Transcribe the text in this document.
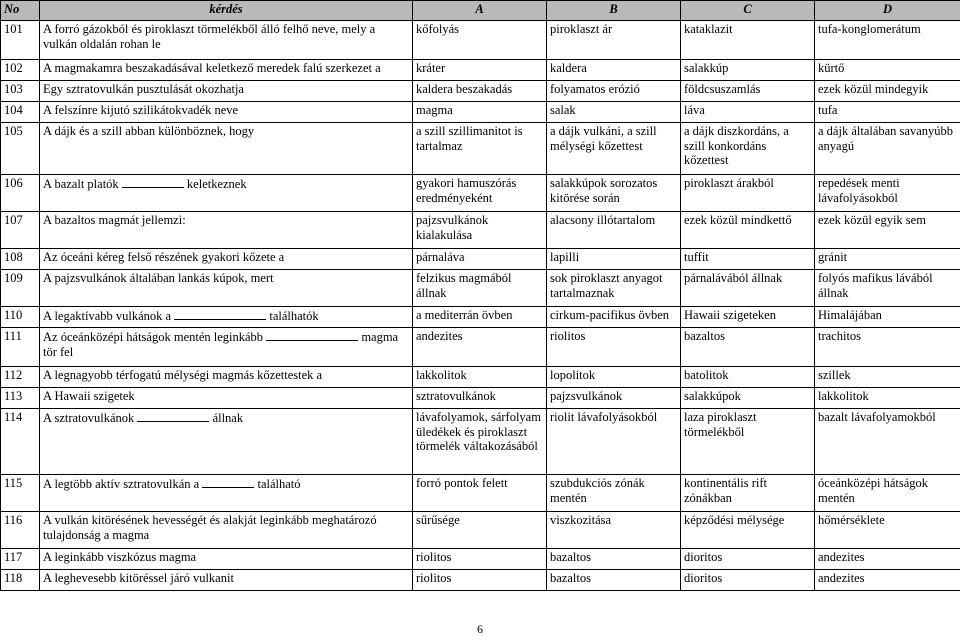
No	kérdés	A	B	C	D
101	A forró gázokból és piroklaszt törmelékből álló felhő neve, mely a vulkán oldalán rohan le	kőfolyás	piroklaszt ár	kataklazit	tufa-konglomerátum
102	A magmakamra beszakadásával keletkező meredek falú szerkezet a	kráter	kaldera	salakkúp	kürtő
103	Egy sztratovulkán pusztulását okozhatja	kaldera beszakadás	folyamatos erózió	földcsuszamlás	ezek közül mindegyik
104	A felszínre kijutó szilikátokvadék neve	magma	salak	láva	tufa
105	A dájk és a szill abban különböznek, hogy	a szill szillimanitot is tartalmaz	a dájk vulkáni, a szill mélységi kőzettest	a dájk diszkordáns, a szill konkordáns kőzettest	a dájk általában savanyúbb anyagú
106	A bazalt platók keletkeznek	gyakori hamuszórás eredményeként	salakkúpok sorozatos kitörése során	piroklaszt árakból	repedések menti lávafolyásokból
107	A bazaltos magmát jellemzi:	pajzsvulkánok kialakulása	alacsony illótartalom	ezek közül mindkettő	ezek közül egyik sem
108	Az óceáni kéreg felső részének gyakori kőzete a	párnaláva	lapilli	tuffit	gránit
109	A pajzsvulkánok általában lankás kúpok, mert	felzikus magmából állnak	sok piroklaszt anyagot tartalmaznak	párnalávából állnak	folyós mafikus lávából állnak
110	A legaktívabb vulkánok a találhatók	a mediterrán övben	cirkum-pacifikus övben	Hawaii szigeteken	Himalájában
111	Az óceánközépi hátságok mentén leginkább magma tör fel	andezites	riolitos	bazaltos	trachitos
112	A legnagyobb térfogatú mélységi magmás kőzettestek a	lakkolitok	lopolitok	batolitok	szillek
113	A Hawaii szigetek	sztratovulkánok	pajzsvulkánok	salakkúpok	lakkolitok
114	A sztratovulkánok állnak	lávafolyamok, sárfolyam üledékek és piroklaszt törmelék váltakozásából	riolit lávafolyásokból	laza piroklaszt törmelékből	bazalt lávafolyamokból
115	A legtöbb aktív sztratovulkán a található	forró pontok felett	szubdukciós zónák mentén	kontinentális rift zónákban	óceánközépi hátságok mentén
116	A vulkán kitörésének hevességét és alakját leginkább meghatározó tulajdonság a magma	sűrűsége	viszkozitása	képződési mélysége	hőmérséklete
117	A leginkább viszkózus magma	riolitos	bazaltos	dioritos	andezites
118	A leghevesebb kitöréssel járó vulkanit	riolitos	bazaltos	dioritos	andezites
6
